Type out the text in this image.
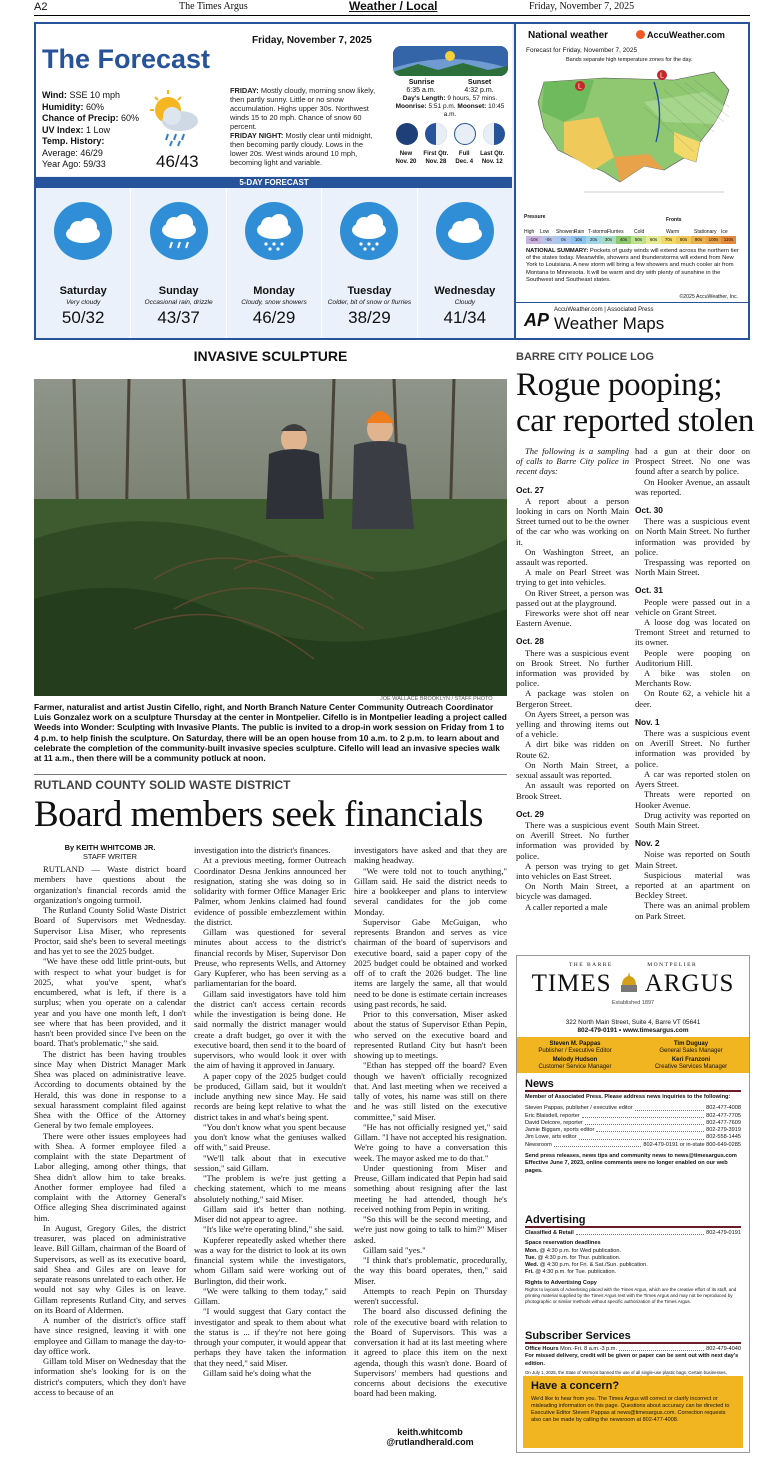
A2	The Times Argus	Weather / Local	Friday, November 7, 2025
The Forecast
Friday, November 7, 2025
Wind: SSE 10 mph
Humidity: 60%
Chance of Precip: 60%
UV Index: 1 Low
Temp. History:
Average: 46/29
Year Ago: 59/33	46/43
FRIDAY: Mostly cloudy, morning snow likely, then partly sunny. Little or no snow accumulation. Highs upper 30s. Northwest winds 15 to 20 mph. Chance of snow 60 percent.
FRIDAY NIGHT: Mostly clear until midnight, then becoming partly cloudy. Lows in the lower 20s. West winds around 10 mph, becoming light and variable.
Sunrise	Sunset
6:35 a.m.	4:32 p.m.
Day's Length: 9 hours, 57 mins.
Moonrise: 5:51 p.m. Moonset: 10:45 a.m.
New
Nov. 20
First Qtr.
Nov. 28
Full
Dec. 4
Last Qtr.
Nov. 12
5-DAY FORECAST
Saturday
Very cloudy
50/32
Sunday
Occasional rain, drizzle
43/37
Monday
Cloudy, snow showers
46/29
Tuesday
Colder, bit of snow or flurries
38/29
Wednesday
Cloudy
41/34
National weather	AccuWeather.com
Forecast for Friday, November 7, 2025
Bands separate high temperature zones for the day.
L
L
Fronts
Cold	Warm	Stationary
Pressure
High Low Showers
Rain T-storms Flurries	Ice
-10s	-0s	0s	10s	20s	30s	40s	50s	60s	70s	80s	90s	100s	110s
NATIONAL SUMMARY: Pockets of gusty winds will extend across the northern tier of the states today. Meanwhile, showers and thunderstorms will extend from New York to Louisiana. A new storm will bring a few showers and much cooler air from Montana to Minnesota. It will be warm and dry with plenty of sunshine in the Southwest and Southeast states.
©2025 AccuWeather, Inc.
AP AccuWeather.com | Associated Press
Weather Maps
INVASIVE SCULPTURE
JOE WALLACE BROOKLYN / STAFF PHOTO
Farmer, naturalist and artist Justin Cifello, right, and North Branch Nature Center Community Outreach Coordinator Luis Gonzalez work on a sculpture Thursday at the center in Montpelier. Cifello is in Montpelier leading a project called Weeds into Wonder: Sculpting with Invasive Plants. The public is invited to a drop-in work session on Friday from 1 to 4 p.m. to help finish the sculpture. On Saturday, there will be an open house from 10 a.m. to 2 p.m. to learn about and celebrate the completion of the community-built invasive species sculpture. Cifello will lead an invasive species walk at 11 a.m., then there will be a community potluck at noon.
RUTLAND COUNTY SOLID WASTE DISTRICT
Board members seek financials
By KEITH WHITCOMB JR.
STAFF WRITER

RUTLAND — Waste district board members have questions about the organization's financial records amid the organization's ongoing turmoil.

The Rutland County Solid Waste District Board of Supervisors met Wednesday. Supervisor Lisa Miser, who represents Proctor, said she's been to several meetings and has yet to see the 2025 budget.

"We have these odd little print-outs, but with respect to what your budget is for 2025, what you've spent, what's encumbered, what is left, if there is a surplus; when you operate on a calendar year and you have one month left, I don't see where that has been provided, and it hasn't been provided since I've been on the board. That's problematic," she said.

The district has been having troubles since May when District Manager Mark Shea was placed on administrative leave. According to documents obtained by the Herald, this was done in response to a sexual harassment complaint filed against Shea with the Office of the Attorney General by two female employees.

There were other issues employees had with Shea. A former employee filed a complaint with the state Department of Labor alleging, among other things, that Shea didn't allow him to take breaks. Another former employee had filed a complaint with the Attorney General's Office alleging Shea discriminated against him.

In August, Gregory Giles, the district treasurer, was placed on administrative leave. Bill Gillam, chairman of the Board of Supervisors, as well as its executive board, said Shea and Giles are on leave for separate reasons unrelated to each other. He would not say why Giles is on leave. Gillam represents Rutland City, and serves on its Board of Aldermen.

A number of the district's office staff have since resigned, leaving it with one employee and Gillam to manage the day-to-day office work.

Gillam told Miser on Wednesday that the information she's looking for is on the district's computers, which they don't have access to because of an

investigation into the district's finances.

At a previous meeting, former Outreach Coordinator Desna Jenkins announced her resignation, stating she was doing so in solidarity with former Office Manager Eric Palmer, whom Jenkins claimed had found evidence of possible embezzlement within the district.

Gillam was questioned for several minutes about access to the district's financial records by Miser, Supervisor Don Preuse, who represents Wells, and Attorney Gary Kupferer, who has been serving as a parliamentarian for the board.

Gillam said investigators have told him the district can't access certain records while the investigation is being done. He said normally the district manager would create a draft budget, go over it with the executive board, then send it to the board of supervisors, who would look it over with the aim of having it approved in January.

A paper copy of the 2025 budget could be produced, Gillam said, but it wouldn't include anything new since May. He said records are being kept relative to what the district takes in and what's being spent.

"You don't know what you spent because you don't know what the geniuses walked off with," said Preuse.

"We'll talk about that in executive session," said Gillam.

"The problem is we're just getting a checking statement, which to me means absolutely nothing," said Miser.

Gillam said it's better than nothing. Miser did not appear to agree.

"It's like we're operating blind," she said.

Kupferer repeatedly asked whether there was a way for the district to look at its own financial system while the investigators, whom Gillam said were working out of Burlington, did their work.

"We were talking to them today," said Gillam.

"I would suggest that Gary contact the investigator and speak to them about what the status is ... if they're not here going through your computer, it would appear that perhaps they have taken the information that they need," said Miser.

Gillam said he's doing what the

investigators have asked and that they are making headway.

"We were told not to touch anything," Gillam said. He said the district needs to hire a bookkeeper and plans to interview several candidates for the job come Monday.

Supervisor Gabe McGuigan, who represents Brandon and serves as vice chairman of the board of supervisors and executive board, said a paper copy of the 2025 budget could be obtained and worked off of to craft the 2026 budget. The line items are largely the same, all that would need to be done is estimate certain increases using past records, he said.

Prior to this conversation, Miser asked about the status of Supervisor Ethan Pepin, who served on the executive board and represented Rutland City but hasn't been showing up to meetings.

"Ethan has stepped off the board? Even though we haven't officially recognized that. And last meeting when we received a tally of votes, his name was still on there and he was still listed on the executive committee," said Miser.

"He has not officially resigned yet," said Gillam. "I have not accepted his resignation. We're going to have a conversation this week. The mayor asked me to do that."

Under questioning from Miser and Preuse, Gillam indicated that Pepin had said something about resigning after the last meeting he had attended, though he's received nothing from Pepin in writing.

"So this will be the second meeting, and we're just now going to talk to him?" Miser asked.

Gillam said "yes."

"I think that's problematic, procedurally, the way this board operates, then," said Miser.

Attempts to reach Pepin on Thursday weren't successful.

The board also discussed defining the role of the executive board with relation to the Board of Supervisors. This was a conversation it had at its last meeting where it agreed to place this item on the next agenda, though this wasn't done. Board of Supervisors' members had questions and concerns about decisions the executive board had been making.

keith.whitcomb
@rutlandherald.com
BARRE CITY POLICE LOG
Rogue pooping; car reported stolen

The following is a sampling of calls to Barre City police in recent days:

Oct. 27

A report about a person looking in cars on North Main Street turned out to be the owner of the car who was working on it.

On Washington Street, an assault was reported.

A male on Pearl Street was trying to get into vehicles.

On River Street, a person was passed out at the playground.

Fireworks were shot off near Eastern Avenue.

Oct. 28

There was a suspicious event on Brook Street. No further information was provided by police.

A package was stolen on Bergeron Street.

On Ayers Street, a person was yelling and throwing items out of a vehicle.

A dirt bike was ridden on Route 62.

On North Main Street, a sexual assault was reported.

An assault was reported on Brook Street.

Oct. 29

There was a suspicious event on Averill Street. No further information was provided by police.

A person was trying to get into vehicles on East Street.

On North Main Street, a bicycle was damaged.

A caller reported a male

had a gun at their door on Prospect Street. No one was found after a search by police.

On Hooker Avenue, an assault was reported.

Oct. 30

There was a suspicious event on North Main Street. No further information was provided by police.

Trespassing was reported on North Main Street.

Oct. 31

People were passed out in a vehicle on Grant Street.

A loose dog was located on Tremont Street and returned to its owner.

People were pooping on Auditorium Hill.

A bike was stolen on Merchants Row.

On Route 62, a vehicle hit a deer.

Nov. 1

There was a suspicious event on Averill Street. No further information was provided by police.

A car was reported stolen on Ayers Street.

Threats were reported on Hooker Avenue.

Drug activity was reported on South Main Street.

Nov. 2

Noise was reported on South Main Street.

Suspicious material was reported at an apartment on Beckley Street.

There was an animal problem on Park Street.

THE BARRE	MONTPELIER
TIMES ARGUS
Established 1897
322 North Main Street, Suite 4, Barre VT 05641
802-479-0191 • www.timesargus.com
Steven M. Pappas
Publisher / Executive Editor
Tim Duguay
General Sales Manager
Melody Hudson
Customer Service Manager
Keri Franzoni
Creative Services Manager
News
Member of Associated Press. Please address news inquiries to the following:
Steven Pappas, publisher / executive editor	802-477-4008
Eric Blaisdell, reporter	802-477-7705
David Delcore, reporter	802-477-7609
Jamie Biggam, sports editor	802-279-3919
Jim Lowe, arts editor	802-558-1445
Newsroom	802-479-0191 or in-state 800-649-0285
Send press releases, news tips and community news to news@timesargus.com Effective June 7, 2023, online comments were no longer enabled on our web pages.
Advertising
Classified & Retail	802-479-0191
Space reservation deadlines
Mon. @ 4:30 p.m. for Wed publication.
Tue. @ 4:30 p.m. for Thur. publication.
Wed. @ 4:30 p.m. for Fri. & Sat./Sun. publication.
Fri. @ 4:30 p.m. for Tue. publication.
Rights to Advertising Copy
Rights to layouts of Advertising placed with the Times Argus, which are the creative effort of its staff, and printing material supplied by the Times Argus rest with the Times Argus and may not be reproduced by photographic or similar methods without specific authorization of the Times Argus.
Subscriber Services
Office Hours Mon.-Fri. 8 a.m.-3 p.m.	802-479-4040
For missed delivery, credit will be given or paper can be sent out with next day's edition.
On July 1, 2025, the State of Vermont banned the use of all single-use plastic bags. Certain businesses,
Have a concern?
We'd like to hear from you. The Times Argus will correct or clarify incorrect or misleading information on this page. Questions about accuracy can be directed to Executive Editor Steven Pappas at news@timesargus.com. Correction requests also can be made by calling the newsroom at 802-477-4008.
